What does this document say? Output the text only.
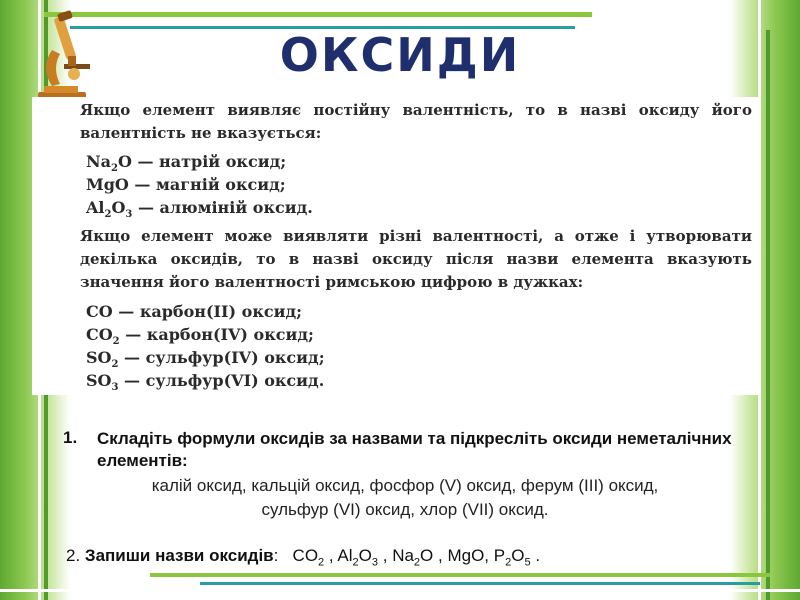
ОКСИДИ

Якщо елемент виявляє постійну валентність, то в назві оксиду його валентність не вказується:

$Na_2O$ — натрій оксид;
MgO — магній оксид;
$Al_2O_3$ — алюміній оксид.

Якщо елемент може виявляти різні валентності, а отже і утворювати декілька оксидів, то в назві оксиду після назви елемента вказують значення його валентності римською цифрою в дужках:

CO — карбон(II) оксид;
$CO_2$ — карбон(IV) оксид;
$SO_2$ — сульфур(IV) оксид;
$SO_3$ — сульфур(VI) оксид.
1. Складіть формули оксидів за назвами та підкресліть оксиди неметалічних елементів:
калій оксид, кальцій оксид, фосфор (V) оксид, ферум (III) оксид,
сульфур (VI) оксид, хлор (VII) оксид.
2. Запиши назви оксидів: $CO_2$ , $Al_2O_3$ , $Na_2O$ , MgO, $P_2O_5$ .
